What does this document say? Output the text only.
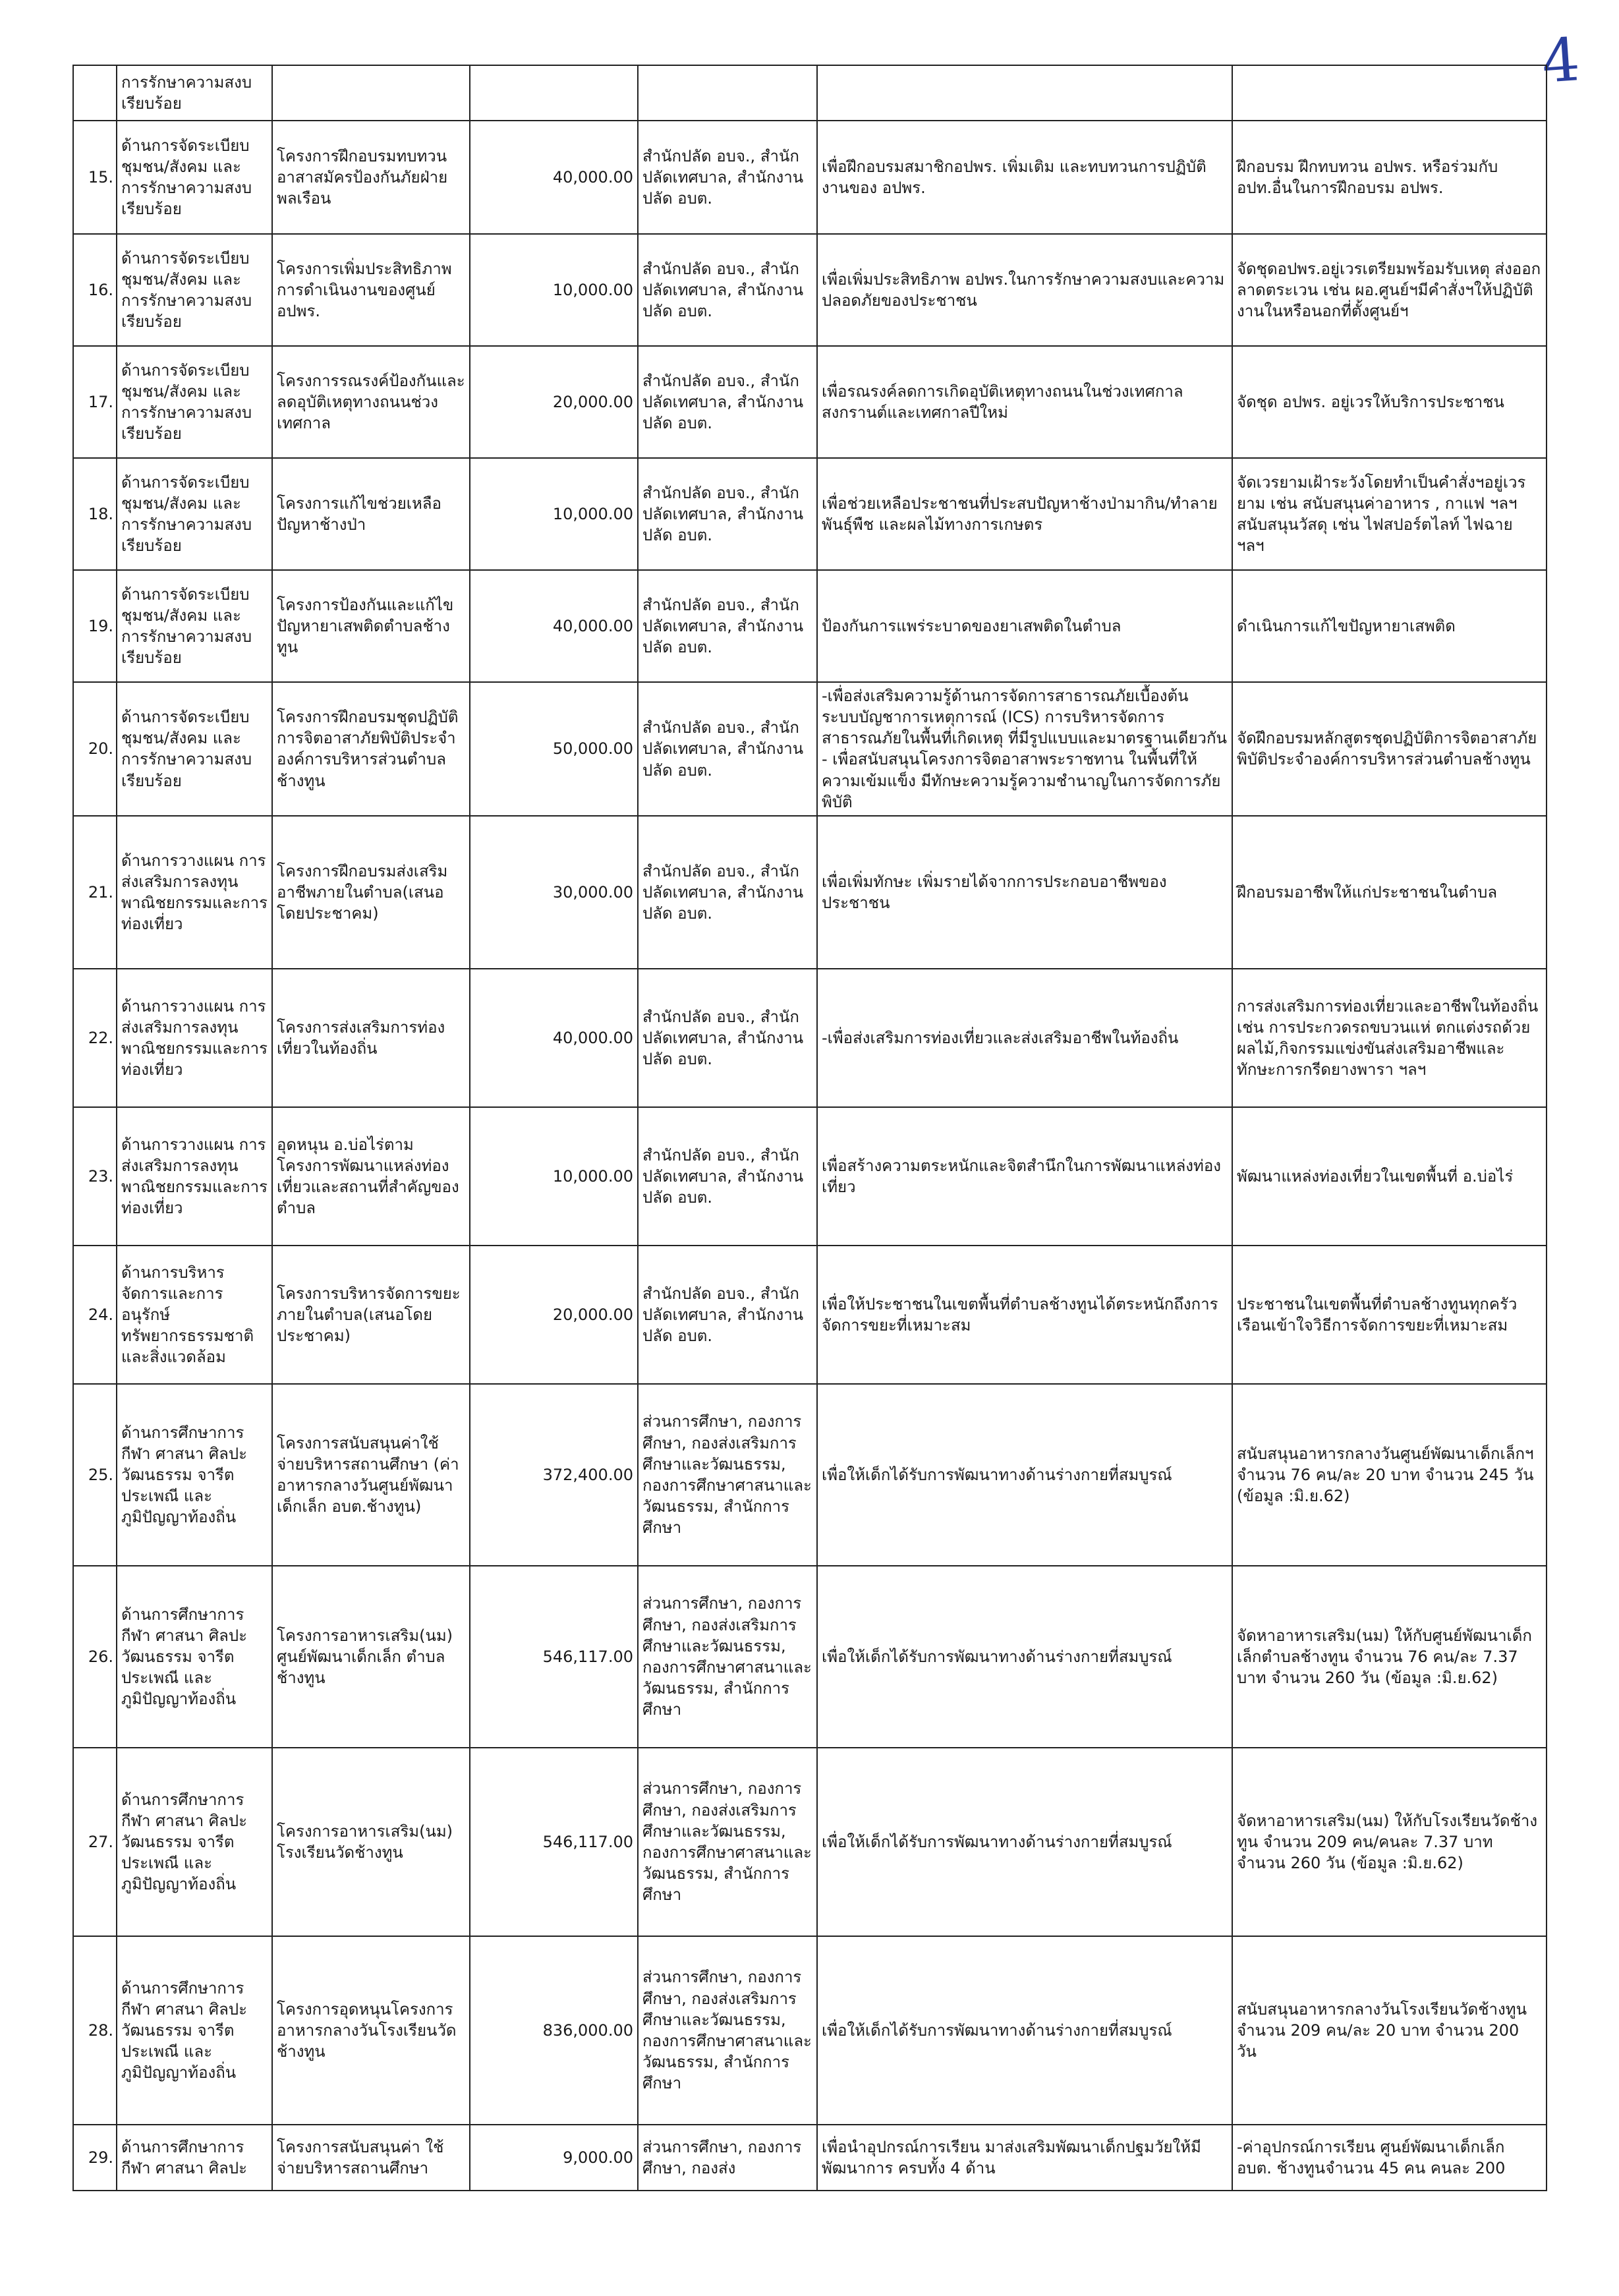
4
	การรักษาความสงบเรียบร้อย					
15.	ด้านการจัดระเบียบชุมชน/สังคม และการรักษาความสงบเรียบร้อย	โครงการฝึกอบรมทบทวนอาสาสมัครป้องกันภัยฝ่ายพลเรือน	40,000.00	สำนักปลัด อบจ., สำนักปลัดเทศบาล, สำนักงานปลัด อบต.	เพื่อฝึกอบรมสมาชิกอปพร. เพิ่มเติม และทบทวนการปฏิบัติงานของ อปพร.	ฝึกอบรม ฝึกทบทวน อปพร. หรือร่วมกับ อปท.อื่นในการฝึกอบรม อปพร.
16.	ด้านการจัดระเบียบชุมชน/สังคม และการรักษาความสงบเรียบร้อย	โครงการเพิ่มประสิทธิภาพการดำเนินงานของศูนย์ อปพร.	10,000.00	สำนักปลัด อบจ., สำนักปลัดเทศบาล, สำนักงานปลัด อบต.	เพื่อเพิ่มประสิทธิภาพ อปพร.ในการรักษาความสงบและความปลอดภัยของประชาชน	จัดชุดอปพร.อยู่เวรเตรียมพร้อมรับเหตุ ส่งออกลาดตระเวน เช่น ผอ.ศูนย์ฯมีคำสั่งฯให้ปฏิบัติงานในหรือนอกที่ตั้งศูนย์ฯ
17.	ด้านการจัดระเบียบชุมชน/สังคม และการรักษาความสงบเรียบร้อย	โครงการรณรงค์ป้องกันและลดอุบัติเหตุทางถนนช่วงเทศกาล	20,000.00	สำนักปลัด อบจ., สำนักปลัดเทศบาล, สำนักงานปลัด อบต.	เพื่อรณรงค์ลดการเกิดอุบัติเหตุทางถนนในช่วงเทศกาลสงกรานต์และเทศกาลปีใหม่	จัดชุด อปพร. อยู่เวรให้บริการประชาชน
18.	ด้านการจัดระเบียบชุมชน/สังคม และการรักษาความสงบเรียบร้อย	โครงการแก้ไขช่วยเหลือปัญหาช้างป่า	10,000.00	สำนักปลัด อบจ., สำนักปลัดเทศบาล, สำนักงานปลัด อบต.	เพื่อช่วยเหลือประชาชนที่ประสบปัญหาช้างป่ามากิน/ทำลาย พันธุ์พืช และผลไม้ทางการเกษตร	จัดเวรยามเฝ้าระวังโดยทำเป็นคำสั่งฯอยู่เวรยาม เช่น สนับสนุนค่าอาหาร , กาแฟ ฯลฯ สนับสนุนวัสดุ เช่น ไฟสปอร์ตไลท์ ไฟฉาย ฯลฯ
19.	ด้านการจัดระเบียบชุมชน/สังคม และการรักษาความสงบเรียบร้อย	โครงการป้องกันและแก้ไขปัญหายาเสพติดตำบลช้างทูน	40,000.00	สำนักปลัด อบจ., สำนักปลัดเทศบาล, สำนักงานปลัด อบต.	ป้องกันการแพร่ระบาดของยาเสพติดในตำบล	ดำเนินการแก้ไขปัญหายาเสพติด
20.	ด้านการจัดระเบียบชุมชน/สังคม และการรักษาความสงบเรียบร้อย	โครงการฝึกอบรมชุดปฏิบัติการจิตอาสาภัยพิบัติประจำ องค์การบริหารส่วนตำบลช้างทูน	50,000.00	สำนักปลัด อบจ., สำนักปลัดเทศบาล, สำนักงานปลัด อบต.	-เพื่อส่งเสริมความรู้ด้านการจัดการสาธารณภัยเบื้องต้น ระบบบัญชาการเหตุการณ์ (ICS) การบริหารจัดการสาธารณภัยในพื้นที่เกิดเหตุ ที่มีรูปแบบและมาตรฐานเดียวกัน - เพื่อสนับสนุนโครงการจิตอาสาพระราชทาน ในพื้นที่ให้ความเข้มแข็ง มีทักษะความรู้ความชำนาญในการจัดการภัยพิบัติ	จัดฝึกอบรมหลักสูตรชุดปฏิบัติการจิตอาสาภัยพิบัติประจำองค์การบริหารส่วนตำบลช้างทูน
21.	ด้านการวางแผน การส่งเสริมการลงทุน พาณิชยกรรมและการท่องเที่ยว	โครงการฝึกอบรมส่งเสริมอาชีพภายในตำบล(เสนอโดยประชาคม)	30,000.00	สำนักปลัด อบจ., สำนักปลัดเทศบาล, สำนักงานปลัด อบต.	เพื่อเพิ่มทักษะ เพิ่มรายได้จากการประกอบอาชีพของประชาชน	ฝึกอบรมอาชีพให้แก่ประชาชนในตำบล
22.	ด้านการวางแผน การส่งเสริมการลงทุน พาณิชยกรรมและการท่องเที่ยว	โครงการส่งเสริมการท่องเที่ยวในท้องถิ่น	40,000.00	สำนักปลัด อบจ., สำนักปลัดเทศบาล, สำนักงานปลัด อบต.	-เพื่อส่งเสริมการท่องเที่ยวและส่งเสริมอาชีพในท้องถิ่น	การส่งเสริมการท่องเที่ยวและอาชีพในท้องถิ่น เช่น การประกวดรถขบวนแห่ ตกแต่งรถด้วยผลไม้,กิจกรรมแข่งขันส่งเสริมอาชีพและทักษะการกรีดยางพารา ฯลฯ
23.	ด้านการวางแผน การส่งเสริมการลงทุน พาณิชยกรรมและการท่องเที่ยว	อุดหนุน อ.บ่อไร่ตามโครงการพัฒนาแหล่งท่องเที่ยวและสถานที่สำคัญของตำบล	10,000.00	สำนักปลัด อบจ., สำนักปลัดเทศบาล, สำนักงานปลัด อบต.	เพื่อสร้างความตระหนักและจิตสำนึกในการพัฒนาแหล่งท่องเที่ยว	พัฒนาแหล่งท่องเที่ยวในเขตพื้นที่ อ.บ่อไร่
24.	ด้านการบริหารจัดการและการอนุรักษ์ทรัพยากรธรรมชาติและสิ่งแวดล้อม	โครงการบริหารจัดการขยะภายในตำบล(เสนอโดยประชาคม)	20,000.00	สำนักปลัด อบจ., สำนักปลัดเทศบาล, สำนักงานปลัด อบต.	เพื่อให้ประชาชนในเขตพื้นที่ตำบลช้างทูนได้ตระหนักถึงการจัดการขยะที่เหมาะสม	ประชาชนในเขตพื้นที่ตำบลช้างทูนทุกครัวเรือนเข้าใจวิธีการจัดการขยะที่เหมาะสม
25.	ด้านการศึกษาการกีฬา ศาสนา ศิลปะวัฒนธรรม จารีตประเพณี และภูมิปัญญาท้องถิ่น	โครงการสนับสนุนค่าใช้จ่ายบริหารสถานศึกษา (ค่าอาหารกลางวันศูนย์พัฒนาเด็กเล็ก อบต.ช้างทูน)	372,400.00	ส่วนการศึกษา, กองการศึกษา, กองส่งเสริมการศึกษาและวัฒนธรรม, กองการศึกษาศาสนาและวัฒนธรรม, สำนักการศึกษา	เพื่อให้เด็กได้รับการพัฒนาทางด้านร่างกายที่สมบูรณ์	สนับสนุนอาหารกลางวันศูนย์พัฒนาเด็กเล็กฯ จำนวน 76 คน/ละ 20 บาท จำนวน 245 วัน (ข้อมูล :มิ.ย.62)
26.	ด้านการศึกษาการกีฬา ศาสนา ศิลปะวัฒนธรรม จารีตประเพณี และภูมิปัญญาท้องถิ่น	โครงการอาหารเสริม(นม) ศูนย์พัฒนาเด็กเล็ก ตำบลช้างทูน	546,117.00	ส่วนการศึกษา, กองการศึกษา, กองส่งเสริมการศึกษาและวัฒนธรรม, กองการศึกษาศาสนาและวัฒนธรรม, สำนักการศึกษา	เพื่อให้เด็กได้รับการพัฒนาทางด้านร่างกายที่สมบูรณ์	จัดหาอาหารเสริม(นม) ให้กับศูนย์พัฒนาเด็กเล็กตำบลช้างทูน จำนวน 76 คน/ละ 7.37 บาท จำนวน 260 วัน (ข้อมูล :มิ.ย.62)
27.	ด้านการศึกษาการกีฬา ศาสนา ศิลปะวัฒนธรรม จารีตประเพณี และภูมิปัญญาท้องถิ่น	โครงการอาหารเสริม(นม) โรงเรียนวัดช้างทูน	546,117.00	ส่วนการศึกษา, กองการศึกษา, กองส่งเสริมการศึกษาและวัฒนธรรม, กองการศึกษาศาสนาและวัฒนธรรม, สำนักการศึกษา	เพื่อให้เด็กได้รับการพัฒนาทางด้านร่างกายที่สมบูรณ์	จัดหาอาหารเสริม(นม) ให้กับโรงเรียนวัดช้างทูน จำนวน 209 คน/คนละ 7.37 บาท จำนวน 260 วัน (ข้อมูล :มิ.ย.62)
28.	ด้านการศึกษาการกีฬา ศาสนา ศิลปะวัฒนธรรม จารีตประเพณี และภูมิปัญญาท้องถิ่น	โครงการอุดหนุนโครงการอาหารกลางวันโรงเรียนวัดช้างทูน	836,000.00	ส่วนการศึกษา, กองการศึกษา, กองส่งเสริมการศึกษาและวัฒนธรรม, กองการศึกษาศาสนาและวัฒนธรรม, สำนักการศึกษา	เพื่อให้เด็กได้รับการพัฒนาทางด้านร่างกายที่สมบูรณ์	สนับสนุนอาหารกลางวันโรงเรียนวัดช้างทูน จำนวน 209 คน/ละ 20 บาท จำนวน 200 วัน
29.	ด้านการศึกษาการกีฬา ศาสนา ศิลปะ	โครงการสนับสนุนค่า ใช้จ่ายบริหารสถานศึกษา	9,000.00	ส่วนการศึกษา, กองการศึกษา, กองส่ง	เพื่อนำอุปกรณ์การเรียน มาส่งเสริมพัฒนาเด็กปฐมวัยให้มีพัฒนาการ ครบทั้ง 4 ด้าน	-ค่าอุปกรณ์การเรียน ศูนย์พัฒนาเด็กเล็ก อบต. ช้างทูนจำนวน 45 คน คนละ 200
